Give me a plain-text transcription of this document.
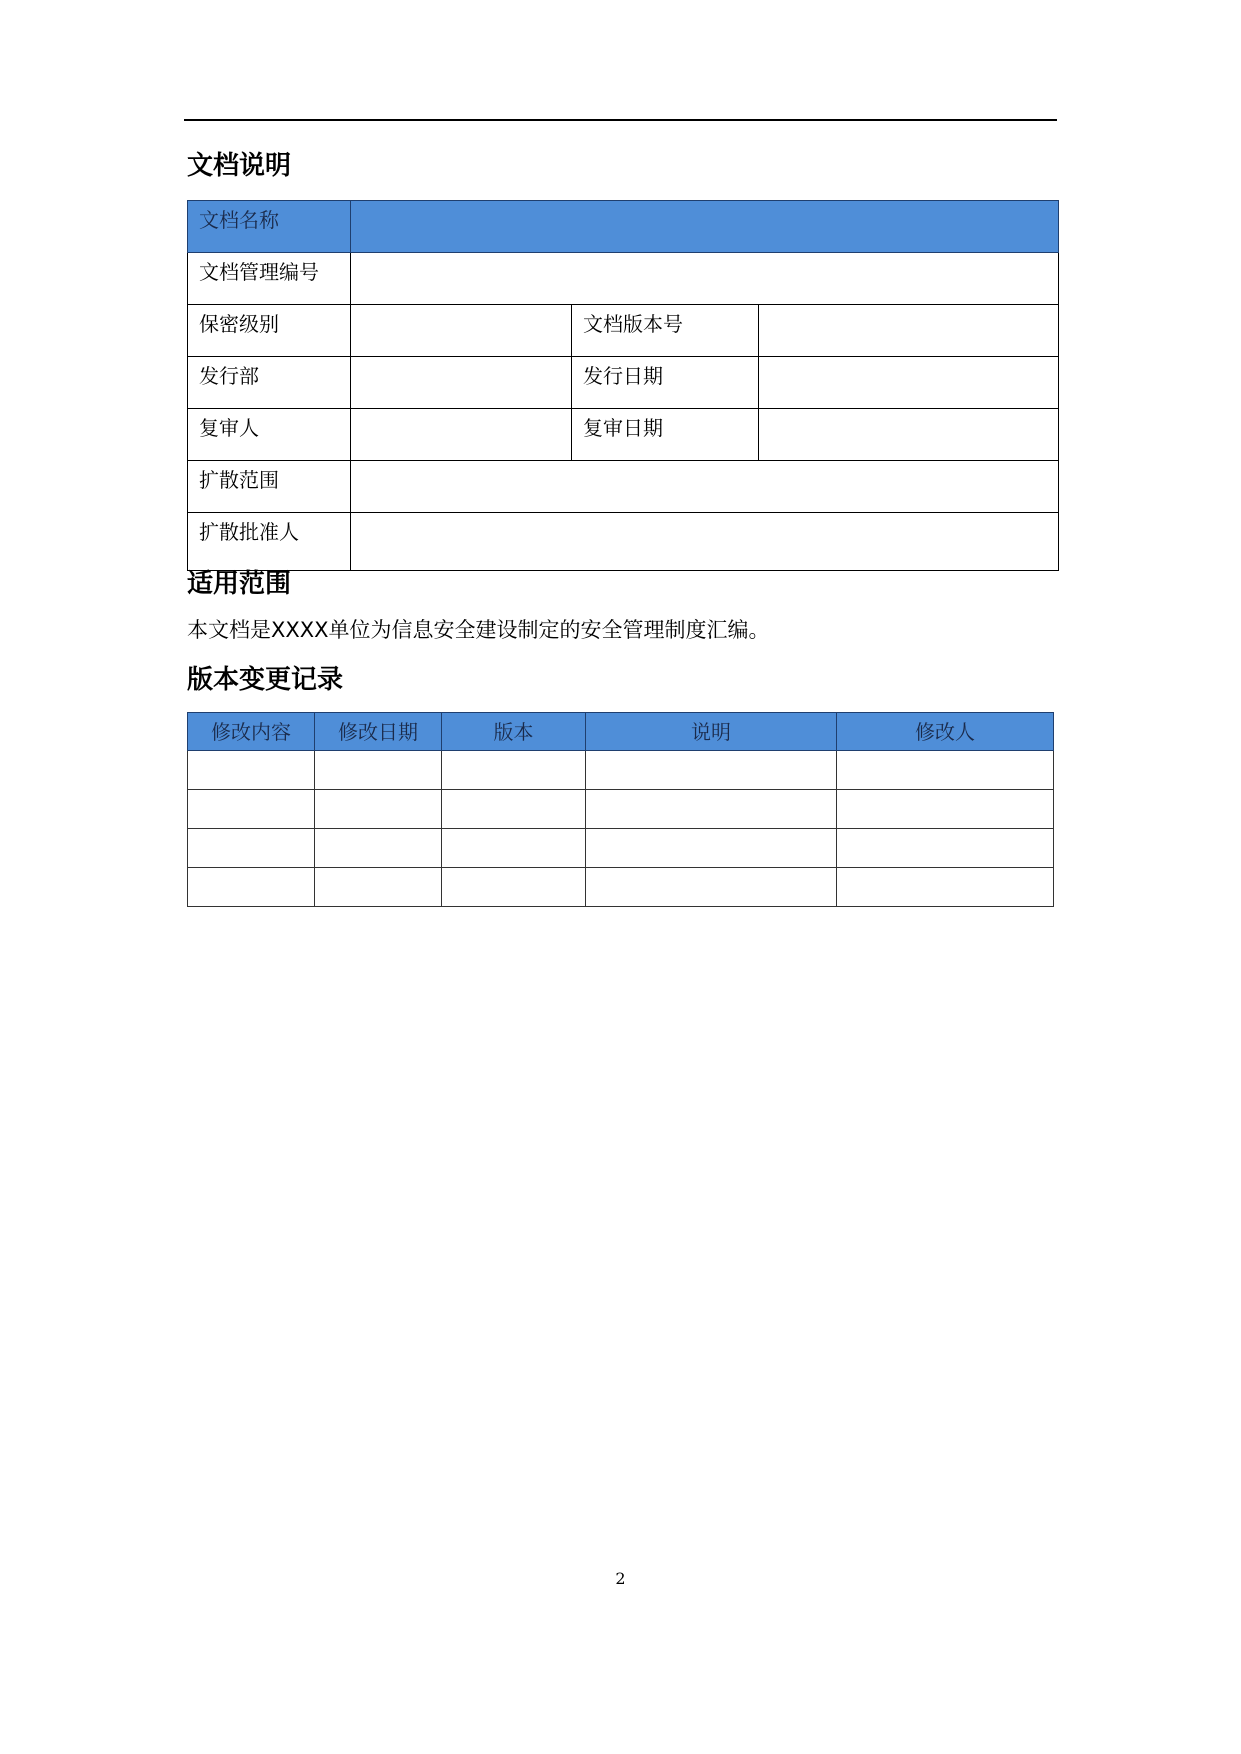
文档说明
文档名称			
文档管理编号			
保密级别		文档版本号	
发行部		发行日期	
复审人		复审日期	
扩散范围			
扩散批准人			
适用范围

本文档是XXXX单位为信息安全建设制定的安全管理制度汇编。

版本变更记录
修改内容	修改日期	版本	说明	修改人

2
